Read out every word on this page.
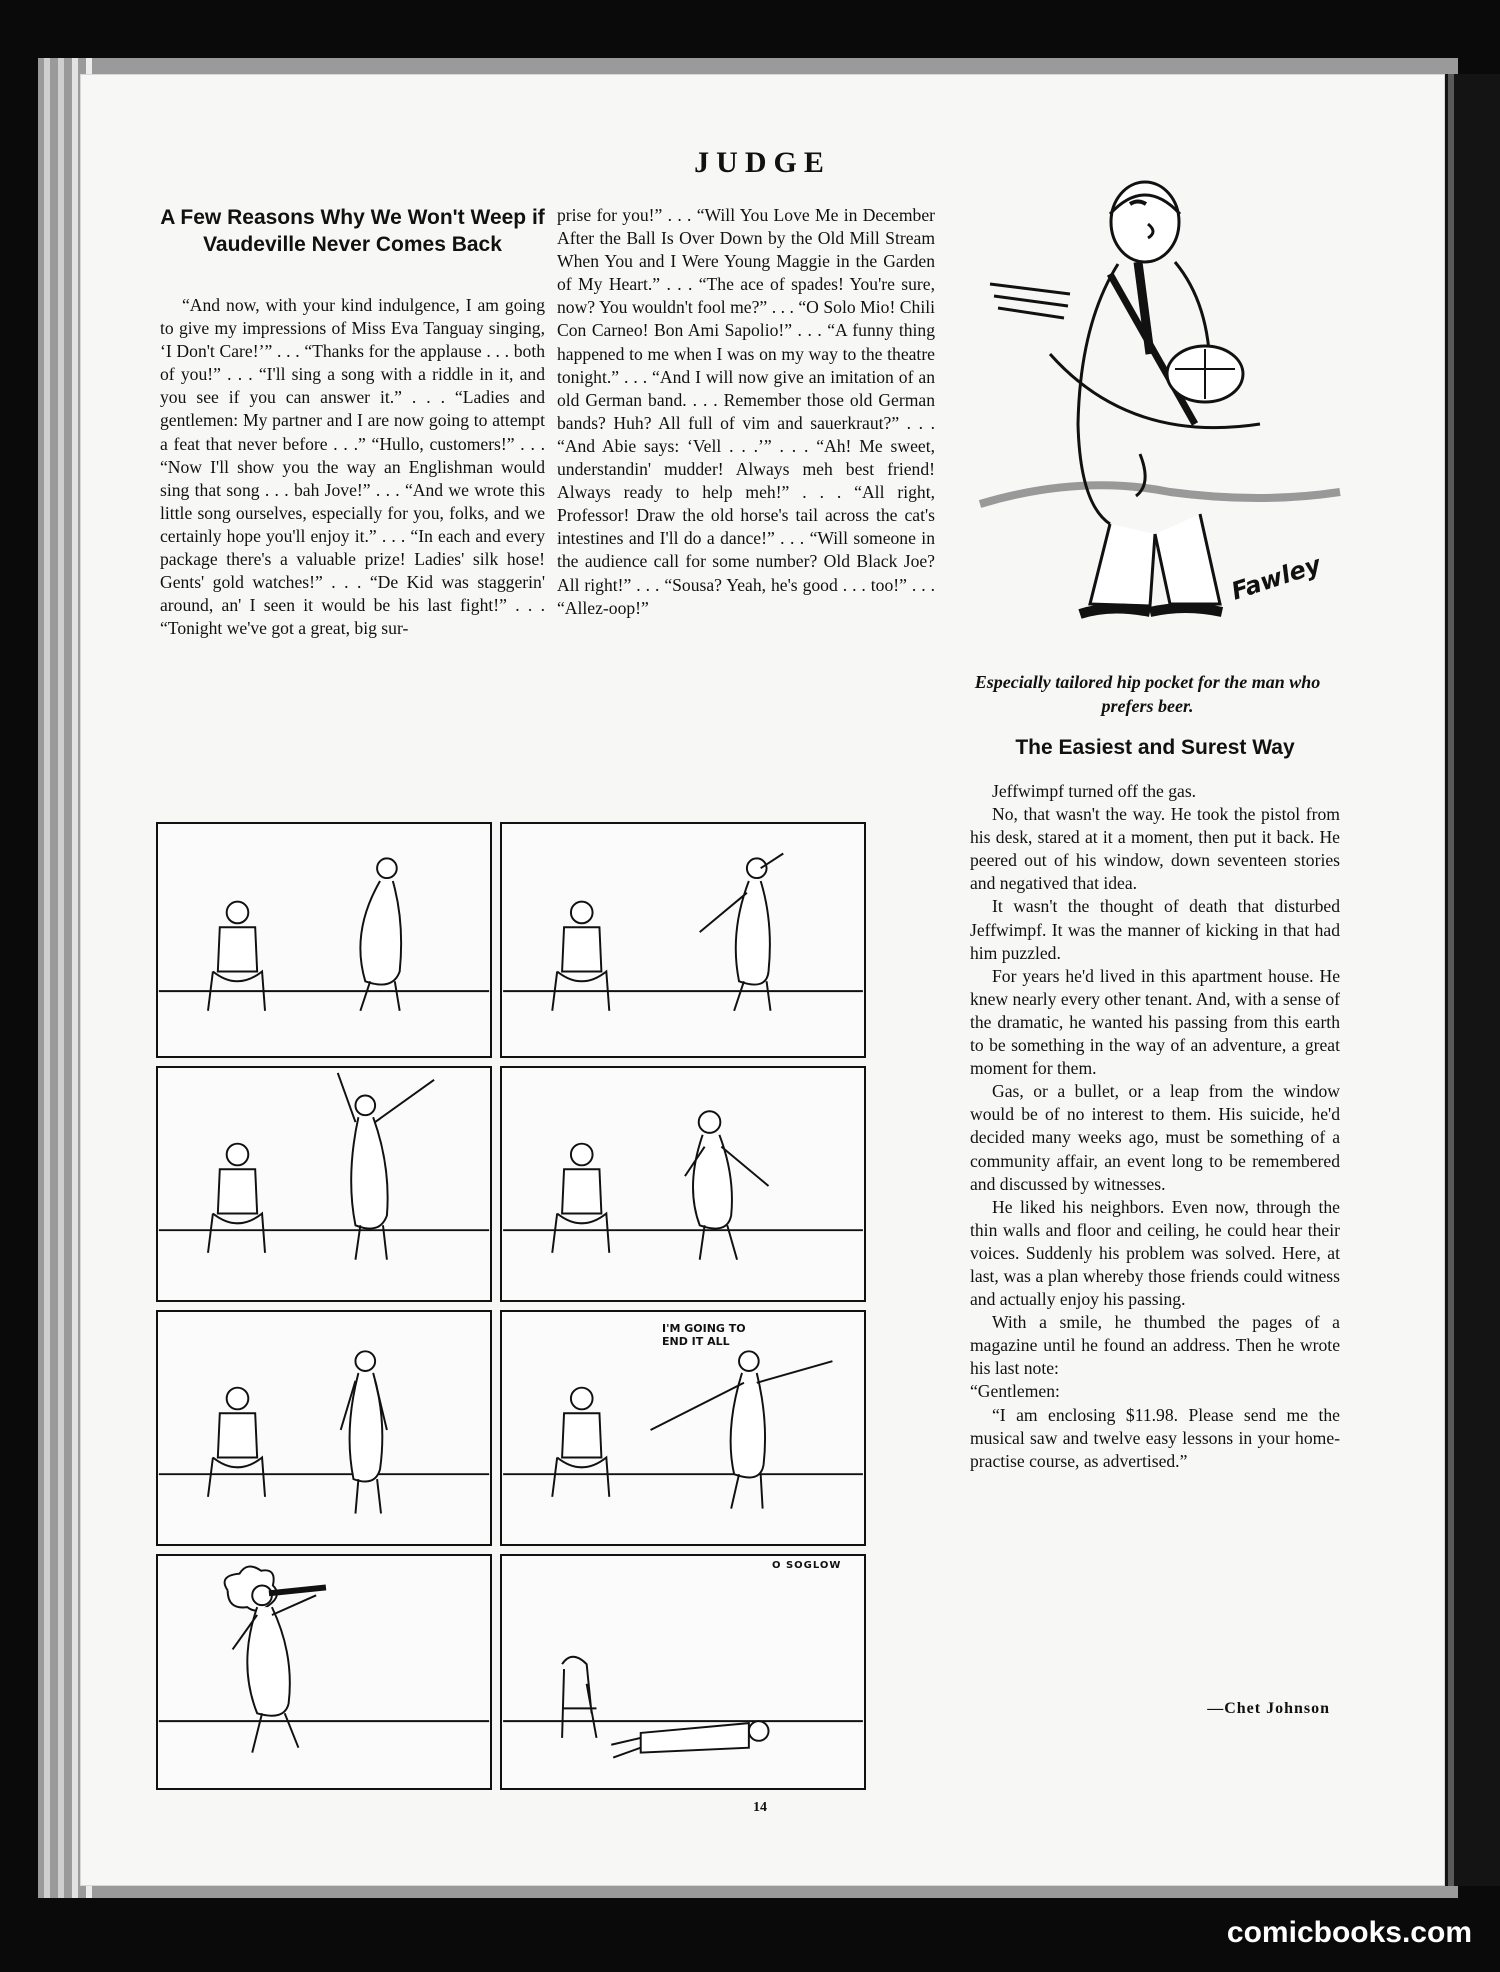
JUDGE
A Few Reasons Why We Won't Weep if Vaudeville Never Comes Back

“And now, with your kind indulgence, I am going to give my impressions of Miss Eva Tanguay singing, ‘I Don't Care!’” . . . “Thanks for the applause . . . both of you!” . . . “I'll sing a song with a riddle in it, and you see if you can answer it.” . . . “Ladies and gentlemen: My partner and I are now going to attempt a feat that never before . . .” “Hullo, customers!” . . . “Now I'll show you the way an Englishman would sing that song . . . bah Jove!” . . . “And we wrote this little song ourselves, especially for you, folks, and we certainly hope you'll enjoy it.” . . . “In each and every package there's a valuable prize! Ladies' silk hose! Gents' gold watches!” . . . “De Kid was staggerin' around, an' I seen it would be his last fight!” . . . “Tonight we've got a great, big sur-

prise for you!” . . . “Will You Love Me in December After the Ball Is Over Down by the Old Mill Stream When You and I Were Young Maggie in the Garden of My Heart.” . . . “The ace of spades! You're sure, now? You wouldn't fool me?” . . . “O Solo Mio! Chili Con Carneo! Bon Ami Sapolio!” . . . “A funny thing happened to me when I was on my way to the theatre tonight.” . . . “And I will now give an imitation of an old German band. . . . Remember those old German bands? Huh? All full of vim and sauerkraut?” . . . “And Abie says: ‘Vell . . .’” . . . “Ah! Me sweet, understandin' mudder! Always meh best friend! Always ready to help meh!” . . . “All right, Professor! Draw the old horse's tail across the cat's intestines and I'll do a dance!” . . . “Will someone in the audience call for some number? Old Black Joe? All right!” . . . “Sousa? Yeah, he's good . . . too!” . . . “Allez-oop!”

Fawley
Especially tailored hip pocket for the man who prefers beer.
The Easiest and Surest Way

Jeffwimpf turned off the gas.

No, that wasn't the way. He took the pistol from his desk, stared at it a moment, then put it back. He peered out of his window, down seventeen stories and negatived that idea.

It wasn't the thought of death that disturbed Jeffwimpf. It was the manner of kicking in that had him puzzled.

For years he'd lived in this apartment house. He knew nearly every other tenant. And, with a sense of the dramatic, he wanted his passing from this earth to be something in the way of an adventure, a great moment for them.

Gas, or a bullet, or a leap from the window would be of no interest to them. His suicide, he'd decided many weeks ago, must be something of a community affair, an event long to be remembered and discussed by witnesses.

He liked his neighbors. Even now, through the thin walls and floor and ceiling, he could hear their voices. Suddenly his problem was solved. Here, at last, was a plan whereby those friends could witness and actually enjoy his passing.

With a smile, he thumbed the pages of a magazine until he found an address. Then he wrote his last note:

“Gentlemen:

“I am enclosing $11.98. Please send me the musical saw and twelve easy lessons in your home-practise course, as advertised.”

—Chet Johnson
I'M GOING TO END IT ALL
O SOGLOW
14
comicbooks.com
